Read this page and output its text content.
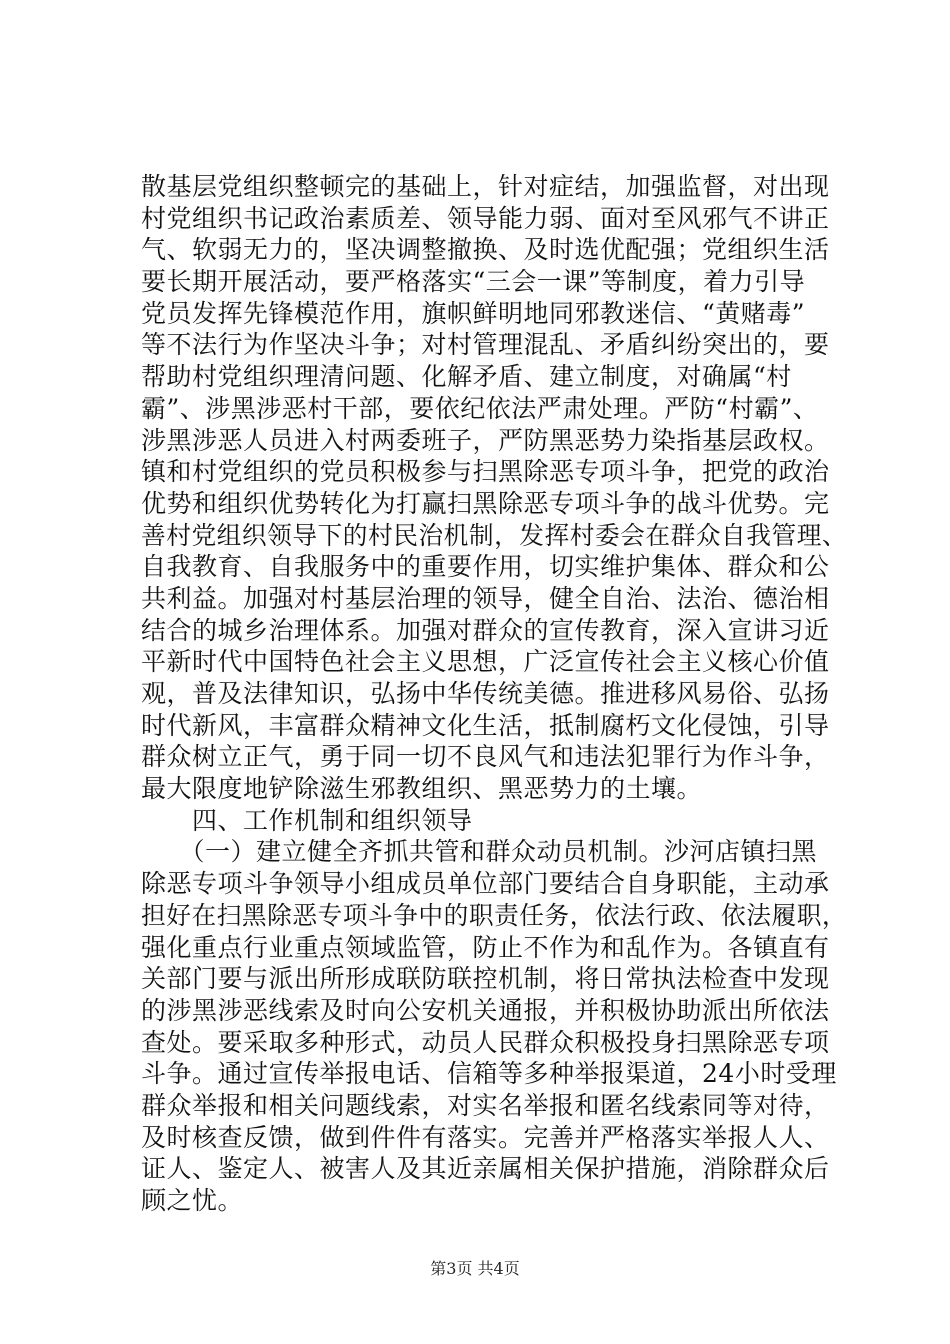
散基层党组织整顿完的基础上，针对症结，加强监督，对出现
村党组织书记政治素质差、领导能力弱、面对至风邪气不讲正
气、软弱无力的，坚决调整撤换、及时选优配强；党组织生活
要长期开展活动，要严格落实“三会一课”等制度，着力引导
党员发挥先锋模范作用，旗帜鲜明地同邪教迷信、“黄赌毒”
等不法行为作坚决斗争；对村管理混乱、矛盾纠纷突出的，要
帮助村党组织理清问题、化解矛盾、建立制度，对确属“村
霸”、涉黑涉恶村干部，要依纪依法严肃处理。严防“村霸”、
涉黑涉恶人员进入村两委班子，严防黑恶势力染指基层政权。
镇和村党组织的党员积极参与扫黑除恶专项斗争，把党的政治
优势和组织优势转化为打赢扫黑除恶专项斗争的战斗优势。完
善村党组织领导下的村民治机制，发挥村委会在群众自我管理、
自我教育、自我服务中的重要作用，切实维护集体、群众和公
共利益。加强对村基层治理的领导，健全自治、法治、德治相
结合的城乡治理体系。加强对群众的宣传教育，深入宣讲习近
平新时代中国特色社会主义思想，广泛宣传社会主义核心价值
观，普及法律知识，弘扬中华传统美德。推进移风易俗、弘扬
时代新风，丰富群众精神文化生活，抵制腐朽文化侵蚀，引导
群众树立正气，勇于同一切不良风气和违法犯罪行为作斗争，
最大限度地铲除滋生邪教组织、黑恶势力的土壤。
　　四、工作机制和组织领导
　　（一）建立健全齐抓共管和群众动员机制。沙河店镇扫黑
除恶专项斗争领导小组成员单位部门要结合自身职能，主动承
担好在扫黑除恶专项斗争中的职责任务，依法行政、依法履职，
强化重点行业重点领域监管，防止不作为和乱作为。各镇直有
关部门要与派出所形成联防联控机制，将日常执法检查中发现
的涉黑涉恶线索及时向公安机关通报，并积极协助派出所依法
查处。要采取多种形式，动员人民群众积极投身扫黑除恶专项
斗争。通过宣传举报电话、信箱等多种举报渠道，24小时受理
群众举报和相关问题线索，对实名举报和匿名线索同等对待，
及时核查反馈，做到件件有落实。完善并严格落实举报人人、
证人、鉴定人、被害人及其近亲属相关保护措施，消除群众后
顾之忧。
第3页 共4页
